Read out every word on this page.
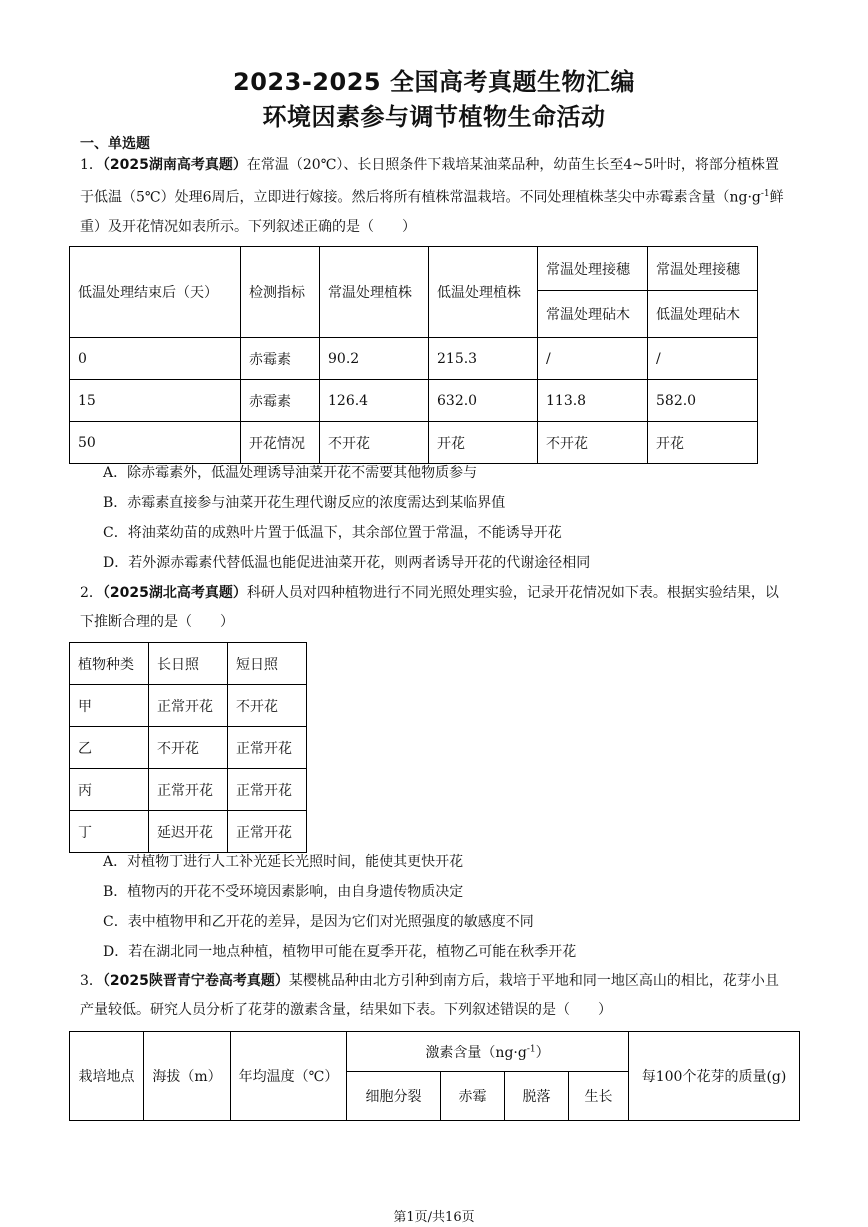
2023-2025 全国高考真题生物汇编
环境因素参与调节植物生命活动
一、单选题
1．（2025湖南高考真题）在常温（20℃）、长日照条件下栽培某油菜品种，幼苗生长至4~5叶时，将部分植株置于低温（5℃）处理6周后，立即进行嫁接。然后将所有植株常温栽培。不同处理植株茎尖中赤霉素含量（$ng\cdot g^{-1}$鲜重）及开花情况如表所示。下列叙述正确的是（　　）
低温处理结束后（天）	检测指标	常温处理植株	低温处理植株	常温处理接穗	常温处理接穗
				常温处理砧木	低温处理砧木
0	赤霉素	90.2	215.3	/	/
15	赤霉素	126.4	632.0	113.8	582.0
50	开花情况	不开花	开花	不开花	开花
A．除赤霉素外，低温处理诱导油菜开花不需要其他物质参与
B．赤霉素直接参与油菜开花生理代谢反应的浓度需达到某临界值
C．将油菜幼苗的成熟叶片置于低温下，其余部位置于常温，不能诱导开花
D．若外源赤霉素代替低温也能促进油菜开花，则两者诱导开花的代谢途径相同
2．（2025湖北高考真题）科研人员对四种植物进行不同光照处理实验，记录开花情况如下表。根据实验结果，以下推断合理的是（　　）
植物种类	长日照	短日照
甲	正常开花	不开花
乙	不开花	正常开花
丙	正常开花	正常开花
丁	延迟开花	正常开花
A．对植物丁进行人工补光延长光照时间，能使其更快开花
B．植物丙的开花不受环境因素影响，由自身遗传物质决定
C．表中植物甲和乙开花的差异，是因为它们对光照强度的敏感度不同
D．若在湖北同一地点种植，植物甲可能在夏季开花，植物乙可能在秋季开花
3．（2025陕晋青宁卷高考真题）某樱桃品种由北方引种到南方后，栽培于平地和同一地区高山的相比，花芽小且产量较低。研究人员分析了花芽的激素含量，结果如下表。下列叙述错误的是（　　）
栽培地点	海拔（m）	年均温度（℃）	激素含量$(ng\cdot g^{-1})$				每100个花芽的质量(g)
			细胞分裂	赤霉	脱落	生长	
第1页/共16页
